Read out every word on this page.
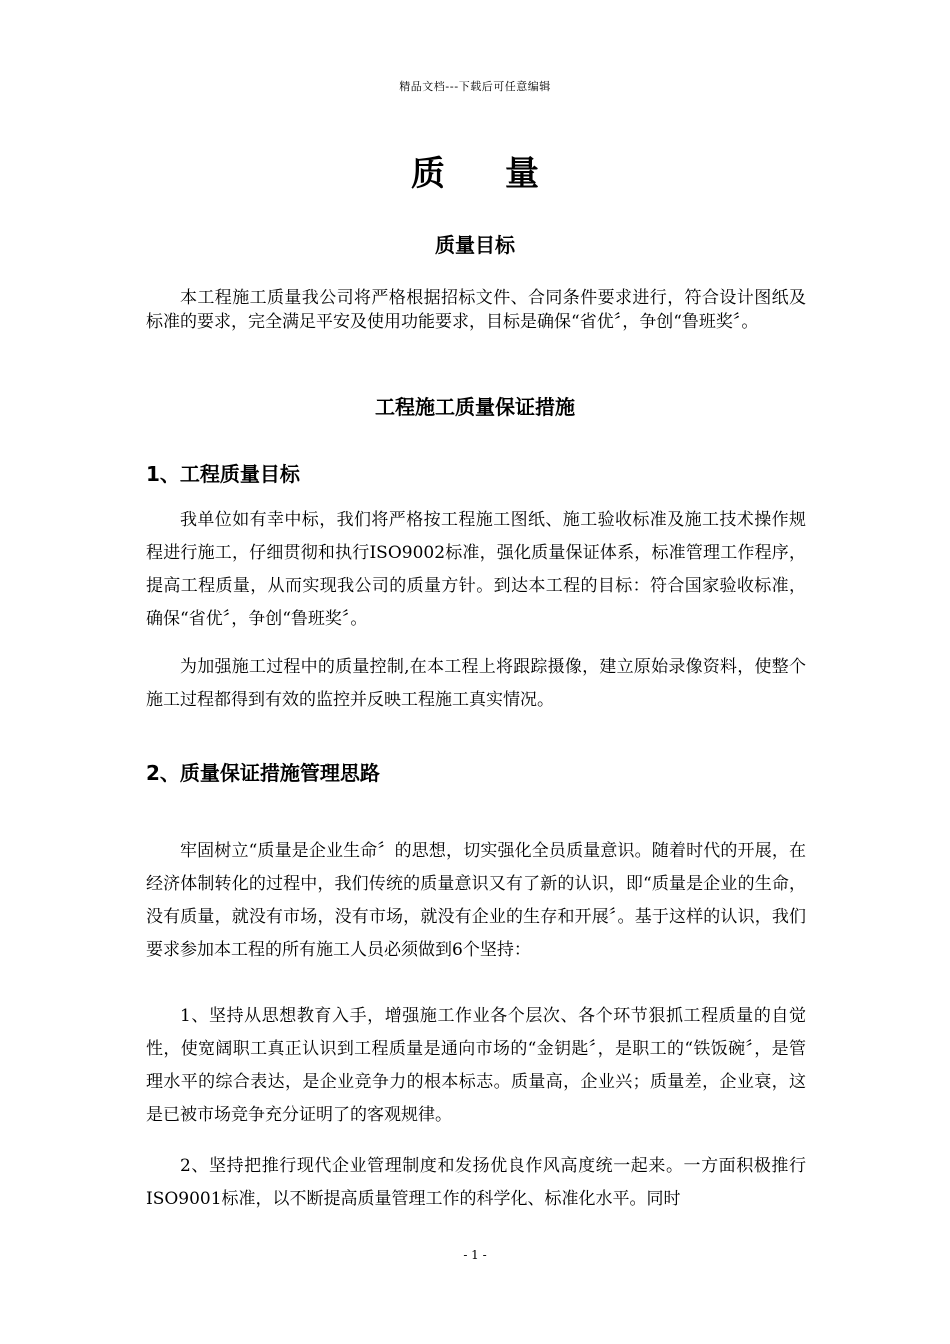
精品文档---下载后可任意编辑
质量
质量目标

本工程施工质量我公司将严格根据招标文件、合同条件要求进行，符合设计图纸及标准的要求，完全满足平安及使用功能要求，目标是确保“省优〞，争创“鲁班奖〞。

工程施工质量保证措施
1、工程质量目标

我单位如有幸中标，我们将严格按工程施工图纸、施工验收标准及施工技术操作规程进行施工，仔细贯彻和执行ISO9002标准，强化质量保证体系，标准管理工作程序，提高工程质量，从而实现我公司的质量方针。到达本工程的目标：符合国家验收标准，确保“省优〞，争创“鲁班奖〞。

为加强施工过程中的质量控制,在本工程上将跟踪摄像，建立原始录像资料，使整个施工过程都得到有效的监控并反映工程施工真实情况。

2、质量保证措施管理思路

牢固树立“质量是企业生命〞的思想，切实强化全员质量意识。随着时代的开展，在经济体制转化的过程中，我们传统的质量意识又有了新的认识，即“质量是企业的生命，没有质量，就没有市场，没有市场，就没有企业的生存和开展〞。基于这样的认识，我们要求参加本工程的所有施工人员必须做到6个坚持：

1、坚持从思想教育入手，增强施工作业各个层次、各个环节狠抓工程质量的自觉性，使宽阔职工真正认识到工程质量是通向市场的“金钥匙〞，是职工的“铁饭碗〞，是管理水平的综合表达，是企业竞争力的根本标志。质量高，企业兴；质量差，企业衰，这是已被市场竞争充分证明了的客观规律。

2、坚持把推行现代企业管理制度和发扬优良作风高度统一起来。一方面积极推行ISO9001标准，以不断提高质量管理工作的科学化、标准化水平。同时

- 1 -
